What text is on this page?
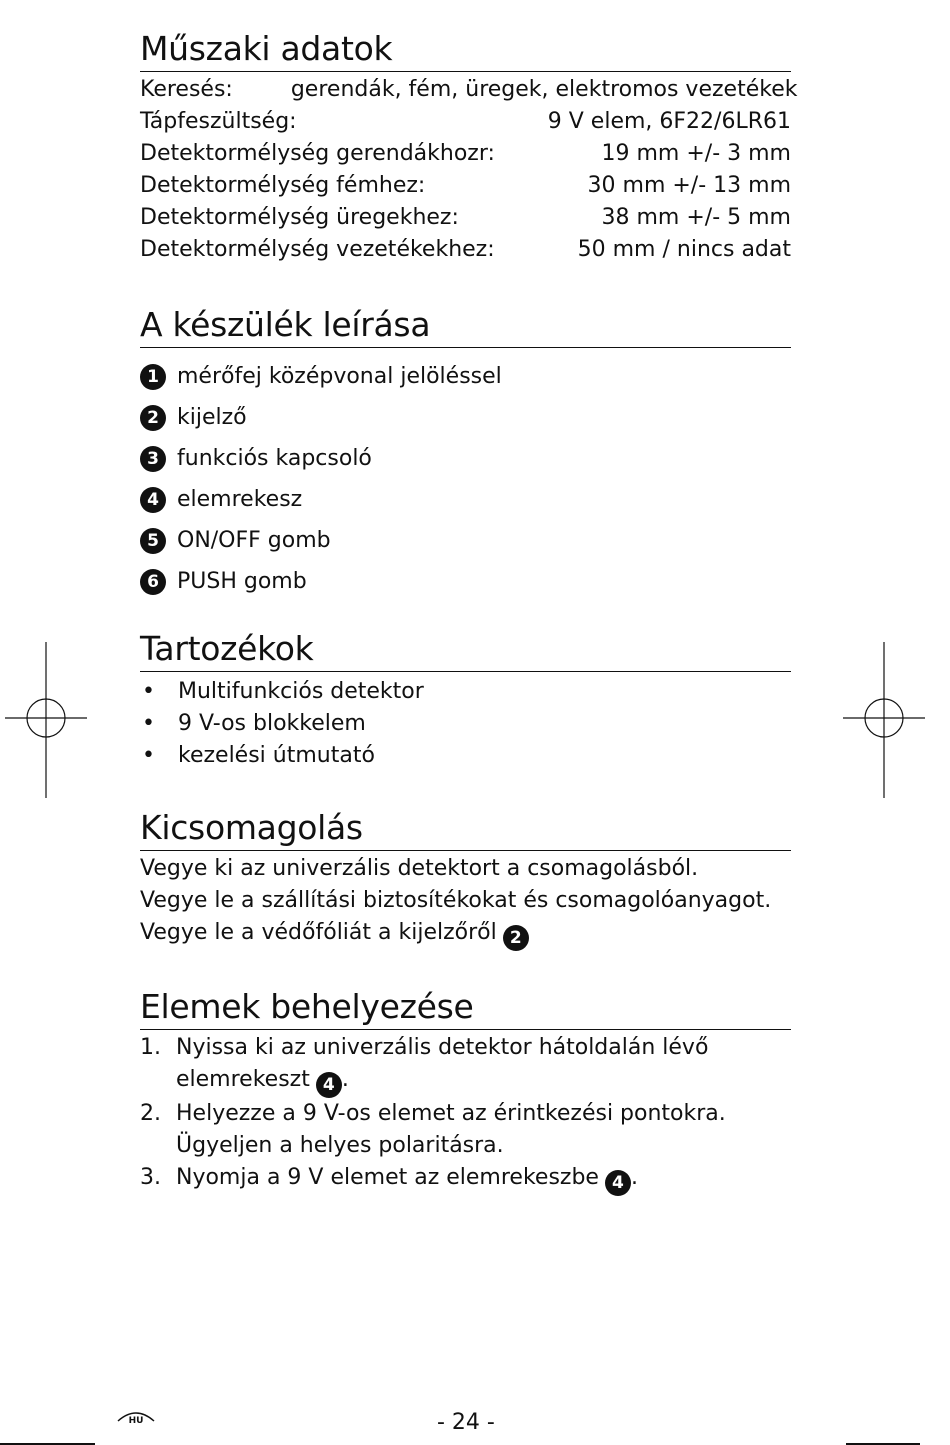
Műszaki adatok
Keresés:	gerendák, fém, üregek, elektromos vezetékek
Tápfeszültség:	9 V elem, 6F22/6LR61
Detektormélység gerendákhozr:	19 mm +/- 3 mm
Detektormélység fémhez:	30 mm +/- 13 mm
Detektormélység üregekhez:	38 mm +/- 5 mm
Detektormélység vezetékekhez:	50 mm / nincs adat
A készülék leírása
1 mérőfej középvonal jelöléssel
2 kijelző
3 funkciós kapcsoló
4 elemrekesz
5 ON/OFF gomb
6 PUSH gomb
Tartozékok
•	Multifunkciós detektor
•	9 V-os blokkelem
•	kezelési útmutató
Kicsomagolás

Vegye ki az univerzális detektort a csomagolásból.
Vegye le a szállítási biztosítékokat és csomagolóanyagot.
Vegye le a védőfóliát a kijelzőről 2

Elemek behelyezése
1. Nyissa ki az univerzális detektor hátoldalán lévő
elemrekeszt 4 .
2. Helyezze a 9 V-os elemet az érintkezési pontokra.
Ügyeljen a helyes polaritásra.
3. Nyomja a 9 V elemet az elemrekeszbe 4 .
HU	- 24 -
